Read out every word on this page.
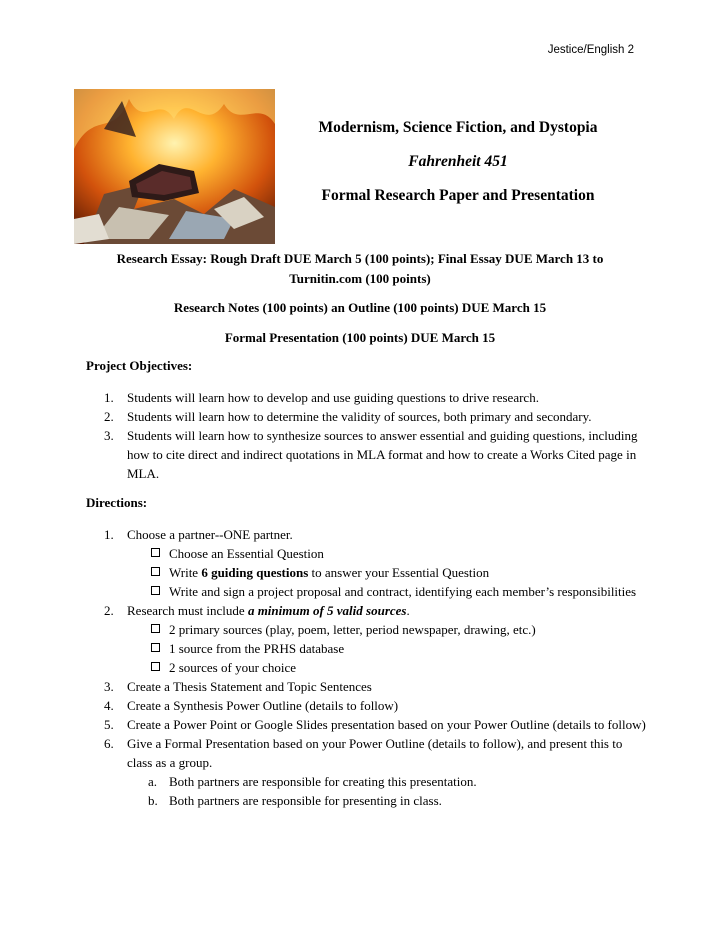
Jestice/English 2
Modernism, Science Fiction, and Dystopia
Fahrenheit 451
Formal Research Paper and Presentation
Research Essay: Rough Draft DUE March 5 (100 points); Final Essay DUE March 13 to Turnitin.com (100 points)
Research Notes (100 points) an Outline (100 points) DUE March 15
Formal Presentation (100 points) DUE March 15
Project Objectives:
1. Students will learn how to develop and use guiding questions to drive research.
2. Students will learn how to determine the validity of sources, both primary and secondary.
3. Students will learn how to synthesize sources to answer essential and guiding questions, including how to cite direct and indirect quotations in MLA format and how to create a Works Cited page in MLA.
Directions:
1. Choose a partner--ONE partner.
Choose an Essential Question
Write 6 guiding questions to answer your Essential Question
Write and sign a project proposal and contract, identifying each member’s responsibilities
2. Research must include a minimum of 5 valid sources.
2 primary sources (play, poem, letter, period newspaper, drawing, etc.)
1 source from the PRHS database
2 sources of your choice
3. Create a Thesis Statement and Topic Sentences
4. Create a Synthesis Power Outline (details to follow)
5. Create a Power Point or Google Slides presentation based on your Power Outline (details to follow)
6. Give a Formal Presentation based on your Power Outline (details to follow), and present this to class as a group.
a. Both partners are responsible for creating this presentation.
b. Both partners are responsible for presenting in class.
